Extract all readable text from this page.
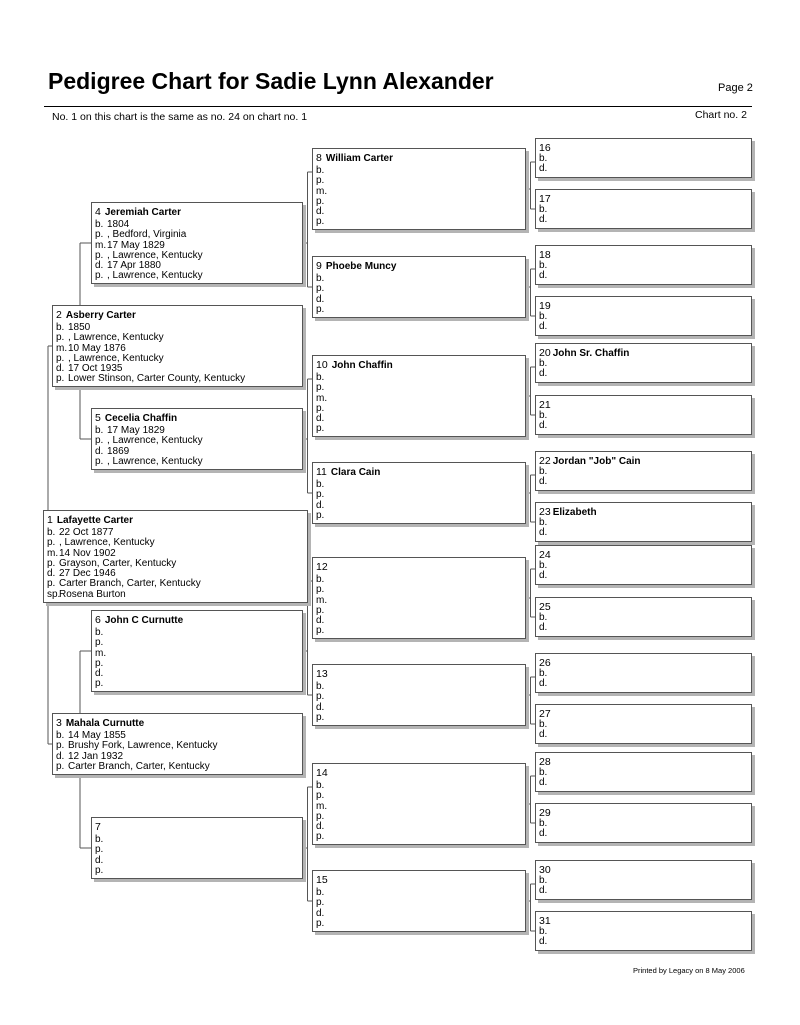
Pedigree Chart for Sadie Lynn Alexander	Page 2
No. 1 on this chart is the same as no. 24 on chart no. 1	Chart no. 2
1 Lafayette Carter
b. 22 Oct 1877
p. , Lawrence, Kentucky
m.14 Nov 1902
p. Grayson, Carter, Kentucky
d. 27 Dec 1946
p. Carter Branch, Carter, Kentucky
sp.Rosena Burton
2 Asberry Carter
b. 1850
p. , Lawrence, Kentucky
m.10 May 1876
p. , Lawrence, Kentucky
d. 17 Oct 1935
p. Lower Stinson, Carter County, Kentucky
3 Mahala Curnutte
b. 14 May 1855
p. Brushy Fork, Lawrence, Kentucky
d. 12 Jan 1932
p. Carter Branch, Carter, Kentucky
4 Jeremiah Carter
b. 1804
p. , Bedford, Virginia
m.17 May 1829
p. , Lawrence, Kentucky
d. 17 Apr 1880
p. , Lawrence, Kentucky
5 Cecelia Chaffin
b. 17 May 1829
p. , Lawrence, Kentucky
d. 1869
p. , Lawrence, Kentucky
6 John C Curnutte
b.
p.
m.
p.
d.
p.
7
b.
p.
d.
p.
8 William Carter
b.
p.
m.
p.
d.
p.
9 Phoebe Muncy
b.
p.
d.
p.
10 John Chaffin
b.
p.
m.
p.
d.
p.
11 Clara Cain
b.
p.
d.
p.
12
b.
p.
m.
p.
d.
p.
13
b.
p.
d.
p.
14
b.
p.
m.
p.
d.
p.
15
b.
p.
d.
p.
16
b.
d.
17
b.
d.
18
b.
d.
19
b.
d.
20 John Sr. Chaffin
b.
d.
21
b.
d.
22 Jordan "Job" Cain
b.
d.
23 Elizabeth
b.
d.
24
b.
d.
25
b.
d.
26
b.
d.
27
b.
d.
28
b.
d.
29
b.
d.
30
b.
d.
31
b.
d.
Printed by Legacy on 8 May 2006
